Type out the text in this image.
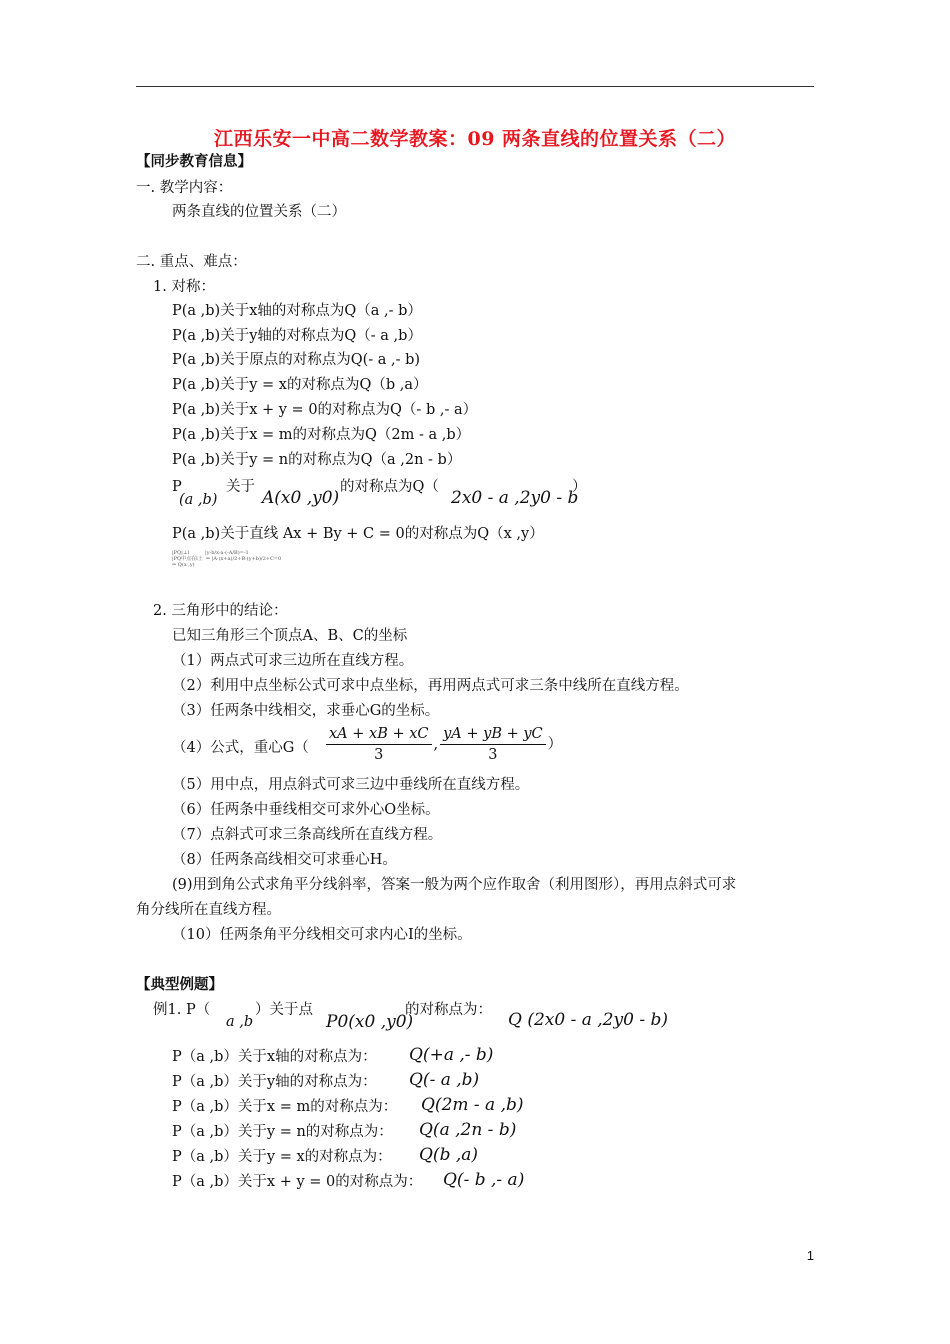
江西乐安一中高二数学教案：09 两条直线的位置关系（二）
【同步教育信息】
一. 教学内容：
两条直线的位置关系（二）
二. 重点、难点：
1. 对称：
P(a ,b)关于x轴的对称点为Q（a ,- b）
P(a ,b)关于y轴的对称点为Q（- a ,b）
P(a ,b)关于原点的对称点为Q(- a ,- b)
P(a ,b)关于y = x的对称点为Q（b ,a）
P(a ,b)关于x + y = 0的对称点为Q（- b ,- a）
P(a ,b)关于x = m的对称点为Q（2m - a ,b）
P(a ,b)关于y = n的对称点为Q（a ,2n - b）
P
(a ,b)
关于
A(x0 ,y0)
的对称点为Q（
2x0 - a ,2y0 - b
）
P(a ,b)关于直线 Ax + By + C = 0的对称点为Q（x ,y）
|PQ|⊥l          |y-b/x-a·(-A/B)=-1
|PQ中点在l上  ⇒ |A·(x+a)/2+B·(y+b)/2+C=0
⇒ Q(x ,y)
2. 三角形中的结论：
已知三角形三个顶点A、B、C的坐标
（1）两点式可求三边所在直线方程。
（2）利用中点坐标公式可求中点坐标，再用两点式可求三条中线所在直线方程。
（3）任两条中线相交，求垂心G的坐标。
（4）公式，重心$G( \frac{xA + xB + xC}{3}$ , $\frac{yA + yB + yC}{3}$ ）
（5）用中点，用点斜式可求三边中垂线所在直线方程。
（6）任两条中垂线相交可求外心O坐标。
（7）点斜式可求三条高线所在直线方程。
（8）任两条高线相交可求垂心H。
(9)用到角公式求角平分线斜率，答案一般为两个应作取舍（利用图形），再用点斜式可求
角分线所在直线方程。
（10）任两条角平分线相交可求内心I的坐标。
【典型例题】
例1. P（
a ,b
）关于点
P0(x0 ,y0)
的对称点为： Q (2x0 - a ,2y0 - b)
P（a ,b）关于x轴的对称点为： Q(+a ,- b)
P（a ,b）关于y轴的对称点为： Q(- a ,b)
P（a ,b）关于x = m的对称点为： Q(2m - a ,b)
P（a ,b）关于y = n的对称点为： Q(a ,2n - b)
P（a ,b）关于y = x的对称点为： Q(b ,a)
P（a ,b）关于x + y = 0的对称点为： Q(- b ,- a)
1
